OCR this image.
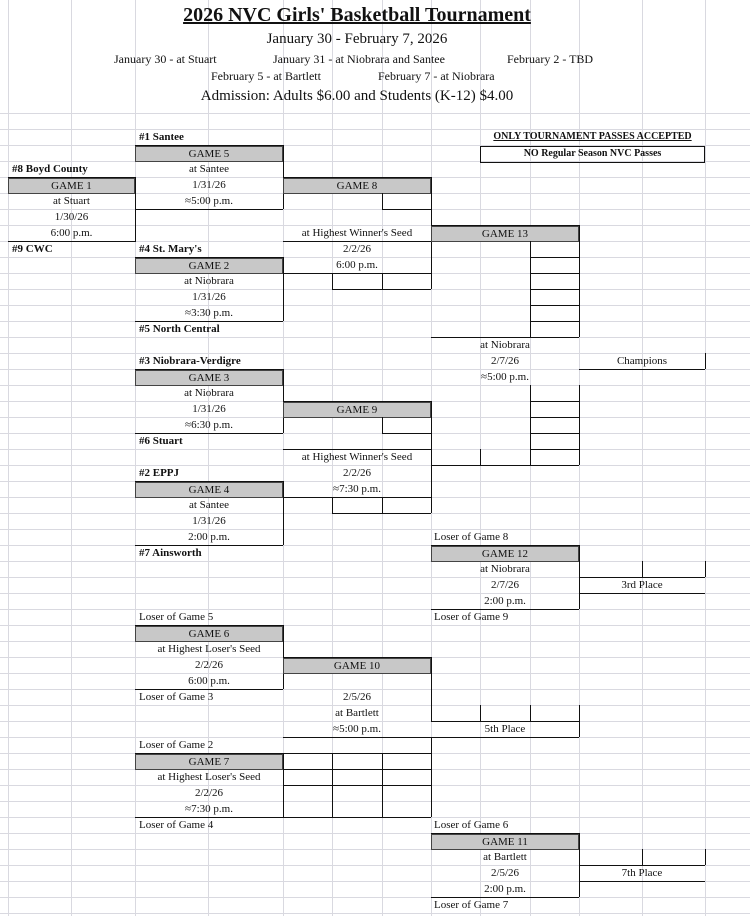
2026 NVC Girls' Basketball Tournament
January 30 - February 7, 2026
January 30 - at Stuart	January 31 - at Niobrara and Santee	February 2 - TBD
February 5 - at Bartlett	February 7 - at Niobrara
Admission: Adults $6.00 and Students (K-12) $4.00
ONLY TOURNAMENT PASSES ACCEPTED
NO Regular Season NVC Passes
#8 Boyd County
GAME 1
at Stuart
1/30/26
6:00 p.m.
#9 CWC
#1 Santee
GAME 5
at Santee
1/31/26
≈5:00 p.m.
#4 St. Mary's
GAME 2
at Niobrara
1/31/26
≈3:30 p.m.
#5 North Central
GAME 8
at Highest Winner's Seed
2/2/26
6:00 p.m.
GAME 13
at Niobrara
2/7/26
≈5:00 p.m.
Champions
#3 Niobrara-Verdigre
GAME 3
at Niobrara
1/31/26
≈6:30 p.m.
#6 Stuart
GAME 9
at Highest Winner's Seed
2/2/26
≈7:30 p.m.
#2 EPPJ
GAME 4
at Santee
1/31/26
2:00 p.m.
#7 Ainsworth
Loser of Game 8
GAME 12
at Niobrara
2/7/26
2:00 p.m.
Loser of Game 9
3rd Place
Loser of Game 5
GAME 6
at Highest Loser's Seed
2/2/26
6:00 p.m.
Loser of Game 3
GAME 10
2/5/26
at Bartlett
≈5:00 p.m.	5th Place
Loser of Game 2
GAME 7
at Highest Loser's Seed
2/2/26
≈7:30 p.m.
Loser of Game 4	Loser of Game 6
GAME 11
at Bartlett
2/5/26
2:00 p.m.
Loser of Game 7
7th Place
